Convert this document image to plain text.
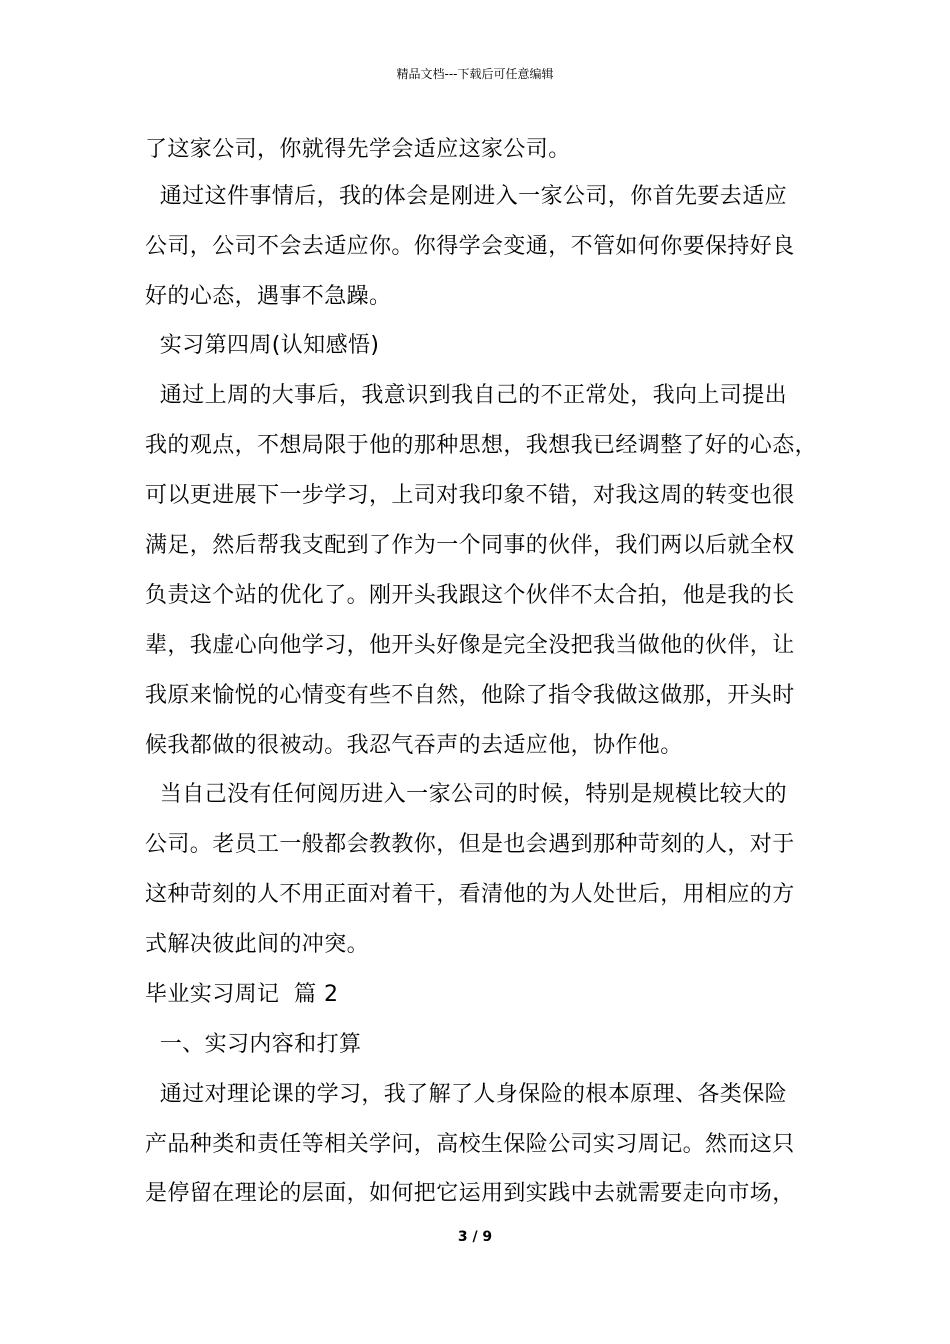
精品文档---下载后可任意编辑
了这家公司，你就得先学会适应这家公司。
通过这件事情后，我的体会是刚进入一家公司，你首先要去适应
公司，公司不会去适应你。你得学会变通，不管如何你要保持好良
好的心态，遇事不急躁。
实习第四周(认知感悟)
通过上周的大事后，我意识到我自己的不正常处，我向上司提出
我的观点，不想局限于他的那种思想，我想我已经调整了好的心态，
可以更进展下一步学习，上司对我印象不错，对我这周的转变也很
满足，然后帮我支配到了作为一个同事的伙伴，我们两以后就全权
负责这个站的优化了。刚开头我跟这个伙伴不太合拍，他是我的长
辈，我虚心向他学习，他开头好像是完全没把我当做他的伙伴，让
我原来愉悦的心情变有些不自然，他除了指令我做这做那，开头时
候我都做的很被动。我忍气吞声的去适应他，协作他。
当自己没有任何阅历进入一家公司的时候，特别是规模比较大的
公司。老员工一般都会教教你，但是也会遇到那种苛刻的人，对于
这种苛刻的人不用正面对着干，看清他的为人处世后，用相应的方
式解决彼此间的冲突。
毕业实习周记  篇 2
一、实习内容和打算
通过对理论课的学习，我了解了人身保险的根本原理、各类保险
产品种类和责任等相关学问，高校生保险公司实习周记。然而这只
是停留在理论的层面，如何把它运用到实践中去就需要走向市场，
3 / 9
